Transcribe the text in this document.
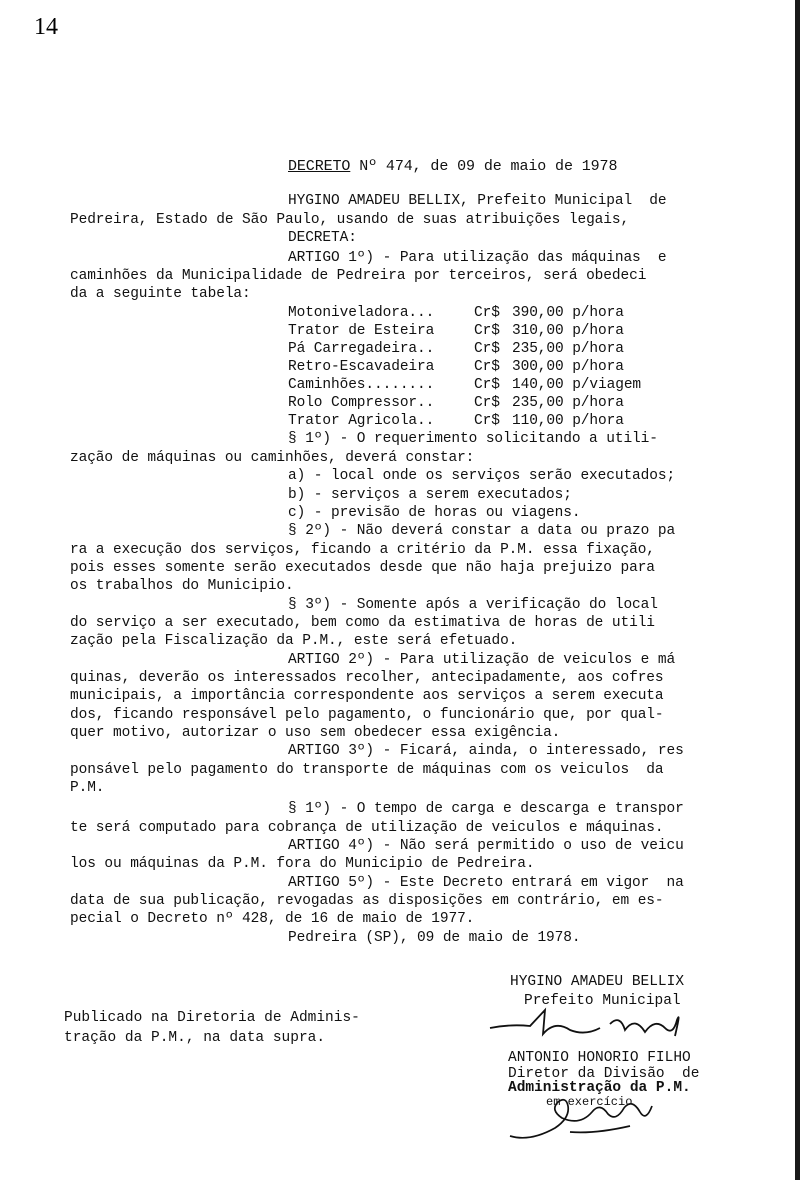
14
DECRETO Nº 474, de 09 de maio de 1978
HYGINO AMADEU BELLIX, Prefeito Municipal  de
Pedreira, Estado de São Paulo, usando de suas atribuições legais,
DECRETA:
ARTIGO 1º) - Para utilização das máquinas  e
caminhões da Municipalidade de Pedreira por terceiros, será obedeci
da a seguinte tabela:
Motoniveladora...	Cr$ 390,00 p/hora
Trator de Esteira	Cr$ 310,00 p/hora
Pá Carregadeira..	Cr$ 235,00 p/hora
Retro-Escavadeira	Cr$ 300,00 p/hora
Caminhões........	Cr$ 140,00 p/viagem
Rolo Compressor..	Cr$ 235,00 p/hora
Trator Agricola..	Cr$ 110,00 p/hora
§ 1º) - O requerimento solicitando a utili-
zação de máquinas ou caminhões, deverá constar:
a) - local onde os serviços serão executados;
b) - serviços a serem executados;
c) - previsão de horas ou viagens.
§ 2º) - Não deverá constar a data ou prazo pa
ra a execução dos serviços, ficando a critério da P.M. essa fixação,
pois esses somente serão executados desde que não haja prejuizo para
os trabalhos do Municipio.
§ 3º) - Somente após a verificação do local
do serviço a ser executado, bem como da estimativa de horas de utili
zação pela Fiscalização da P.M., este será efetuado.
ARTIGO 2º) - Para utilização de veiculos e má
quinas, deverão os interessados recolher, antecipadamente, aos cofres
municipais, a importância correspondente aos serviços a serem executa
dos, ficando responsável pelo pagamento, o funcionário que, por qual-
quer motivo, autorizar o uso sem obedecer essa exigência.
ARTIGO 3º) - Ficará, ainda, o interessado, res
ponsável pelo pagamento do transporte de máquinas com os veiculos  da
P.M.
§ 1º) - O tempo de carga e descarga e transpor
te será computado para cobrança de utilização de veiculos e máquinas.
ARTIGO 4º) - Não será permitido o uso de veicu
los ou máquinas da P.M. fora do Municipio de Pedreira.
ARTIGO 5º) - Este Decreto entrará em vigor  na
data de sua publicação, revogadas as disposições em contrário, em es-
pecial o Decreto nº 428, de 16 de maio de 1977.
Pedreira (SP), 09 de maio de 1978.
HYGINO AMADEU BELLIX
Prefeito Municipal
ANTONIO HONORIO FILHO
Diretor da Divisão  de
Administração da P.M.
em exercício
Publicado na Diretoria de Adminis-
tração da P.M., na data supra.
